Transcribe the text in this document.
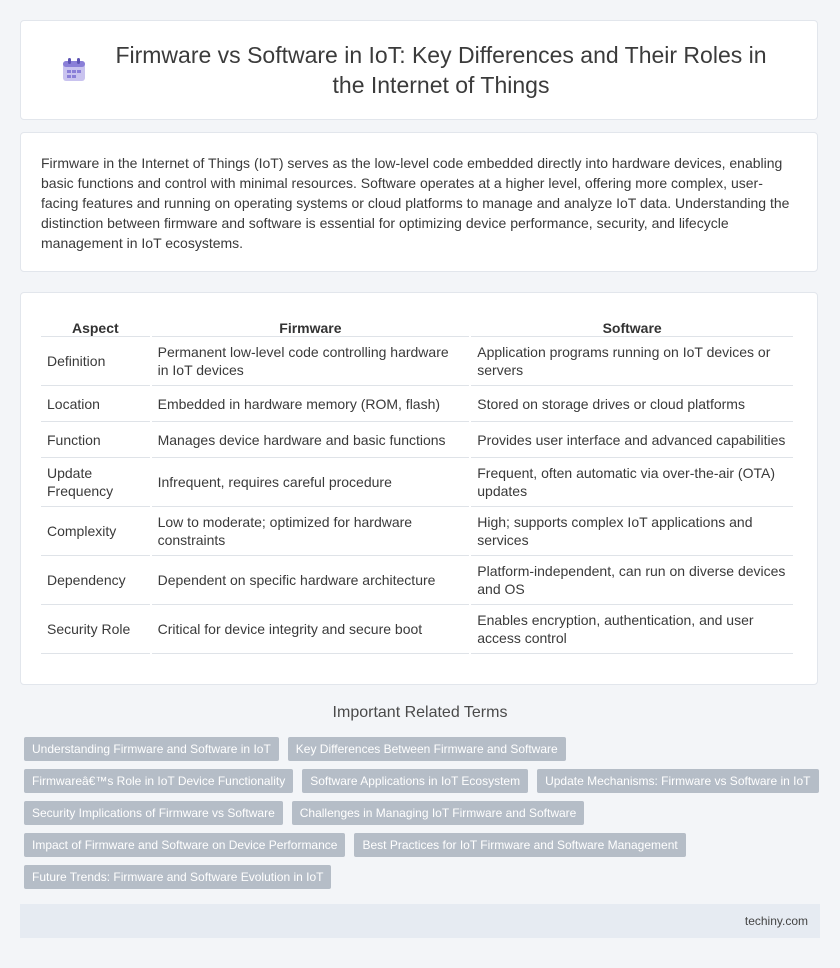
Firmware vs Software in IoT: Key Differences and Their Roles in the Internet of Things

Firmware in the Internet of Things (IoT) serves as the low-level code embedded directly into hardware devices, enabling basic functions and control with minimal resources. Software operates at a higher level, offering more complex, user-facing features and running on operating systems or cloud platforms to manage and analyze IoT data. Understanding the distinction between firmware and software is essential for optimizing device performance, security, and lifecycle management in IoT ecosystems.

Aspect	Firmware	Software
Definition	Permanent low-level code controlling hardware in IoT devices	Application programs running on IoT devices or servers
Location	Embedded in hardware memory (ROM, flash)	Stored on storage drives or cloud platforms
Function	Manages device hardware and basic functions	Provides user interface and advanced capabilities
Update Frequency	Infrequent, requires careful procedure	Frequent, often automatic via over-the-air (OTA) updates
Complexity	Low to moderate; optimized for hardware constraints	High; supports complex IoT applications and services
Dependency	Dependent on specific hardware architecture	Platform-independent, can run on diverse devices and OS
Security Role	Critical for device integrity and secure boot	Enables encryption, authentication, and user access control
Important Related Terms
Understanding Firmware and Software in IoT	Key Differences Between Firmware and Software
Firmwareâ€™s Role in IoT Device Functionality	Software Applications in IoT Ecosystem	Update Mechanisms: Firmware vs Software in IoT
Security Implications of Firmware vs Software	Challenges in Managing IoT Firmware and Software
Impact of Firmware and Software on Device Performance	Best Practices for IoT Firmware and Software Management
Future Trends: Firmware and Software Evolution in IoT
techiny.com
